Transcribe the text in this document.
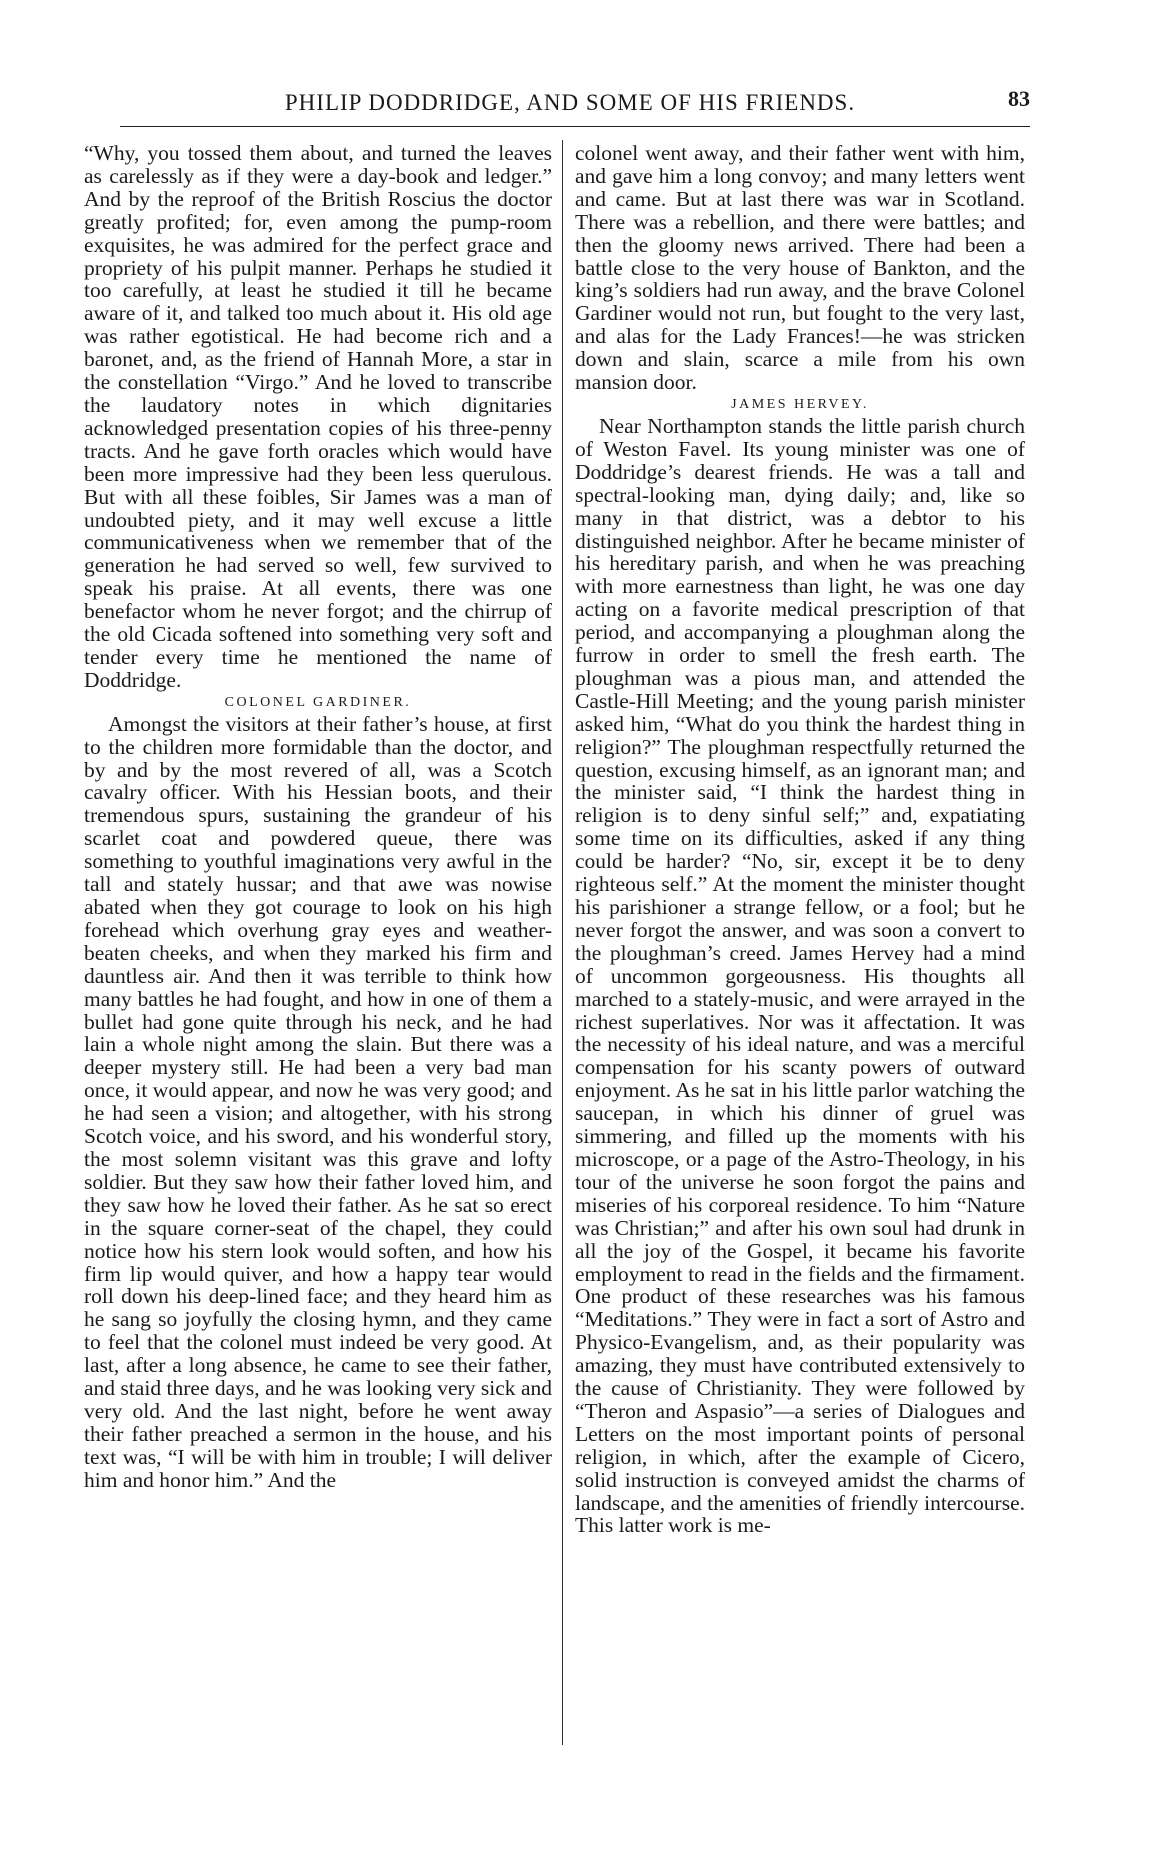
PHILIP DODDRIDGE, AND SOME OF HIS FRIENDS.	83

“Why, you tossed them about, and turned the leaves as carelessly as if they were a day-book and ledger.” And by the reproof of the British Roscius the doctor greatly profited; for, even among the pump-room exquisites, he was admired for the perfect grace and propriety of his pulpit manner. Perhaps he studied it too carefully, at least he studied it till he became aware of it, and talked too much about it. His old age was rather egotistical. He had become rich and a baronet, and, as the friend of Hannah More, a star in the constellation “Virgo.” And he loved to transcribe the laudatory notes in which dignitaries acknowledged presentation copies of his three-penny tracts. And he gave forth oracles which would have been more impressive had they been less querulous. But with all these foibles, Sir James was a man of undoubted piety, and it may well excuse a little communicativeness when we remember that of the generation he had served so well, few survived to speak his praise. At all events, there was one benefactor whom he never forgot; and the chirrup of the old Cicada softened into something very soft and tender every time he mentioned the name of Doddridge.

COLONEL GARDINER.

Amongst the visitors at their father’s house, at first to the children more formidable than the doctor, and by and by the most revered of all, was a Scotch cavalry officer. With his Hessian boots, and their tremendous spurs, sustaining the grandeur of his scarlet coat and powdered queue, there was something to youthful imaginations very awful in the tall and stately hussar; and that awe was nowise abated when they got courage to look on his high forehead which overhung gray eyes and weather-beaten cheeks, and when they marked his firm and dauntless air. And then it was terrible to think how many battles he had fought, and how in one of them a bullet had gone quite through his neck, and he had lain a whole night among the slain. But there was a deeper mystery still. He had been a very bad man once, it would appear, and now he was very good; and he had seen a vision; and altogether, with his strong Scotch voice, and his sword, and his wonderful story, the most solemn visitant was this grave and lofty soldier. But they saw how their father loved him, and they saw how he loved their father. As he sat so erect in the square corner-seat of the chapel, they could notice how his stern look would soften, and how his firm lip would quiver, and how a happy tear would roll down his deep-lined face; and they heard him as he sang so joyfully the closing hymn, and they came to feel that the colonel must indeed be very good. At last, after a long absence, he came to see their father, and staid three days, and he was looking very sick and very old. And the last night, before he went away their father preached a sermon in the house, and his text was, “I will be with him in trouble; I will deliver him and honor him.” And the

colonel went away, and their father went with him, and gave him a long convoy; and many letters went and came. But at last there was war in Scotland. There was a rebellion, and there were battles; and then the gloomy news arrived. There had been a battle close to the very house of Bankton, and the king’s soldiers had run away, and the brave Colonel Gardiner would not run, but fought to the very last, and alas for the Lady Frances!—he was stricken down and slain, scarce a mile from his own mansion door.

JAMES HERVEY.

Near Northampton stands the little parish church of Weston Favel. Its young minister was one of Doddridge’s dearest friends. He was a tall and spectral-looking man, dying daily; and, like so many in that district, was a debtor to his distinguished neighbor. After he became minister of his hereditary parish, and when he was preaching with more earnestness than light, he was one day acting on a favorite medical prescription of that period, and accompanying a ploughman along the furrow in order to smell the fresh earth. The ploughman was a pious man, and attended the Castle-Hill Meeting; and the young parish minister asked him, “What do you think the hardest thing in religion?” The ploughman respectfully returned the question, excusing himself, as an ignorant man; and the minister said, “I think the hardest thing in religion is to deny sinful self;” and, expatiating some time on its difficulties, asked if any thing could be harder? “No, sir, except it be to deny righteous self.” At the moment the minister thought his parishioner a strange fellow, or a fool; but he never forgot the answer, and was soon a convert to the ploughman’s creed. James Hervey had a mind of uncommon gorgeousness. His thoughts all marched to a stately-music, and were arrayed in the richest superlatives. Nor was it affectation. It was the necessity of his ideal nature, and was a merciful compensation for his scanty powers of outward enjoyment. As he sat in his little parlor watching the saucepan, in which his dinner of gruel was simmering, and filled up the moments with his microscope, or a page of the Astro-Theology, in his tour of the universe he soon forgot the pains and miseries of his corporeal residence. To him “Nature was Christian;” and after his own soul had drunk in all the joy of the Gospel, it became his favorite employment to read in the fields and the firmament. One product of these researches was his famous “Meditations.” They were in fact a sort of Astro and Physico-Evangelism, and, as their popularity was amazing, they must have contributed extensively to the cause of Christianity. They were followed by “Theron and Aspasio”—a series of Dialogues and Letters on the most important points of personal religion, in which, after the example of Cicero, solid instruction is conveyed amidst the charms of landscape, and the amenities of friendly intercourse. This latter work is me-
